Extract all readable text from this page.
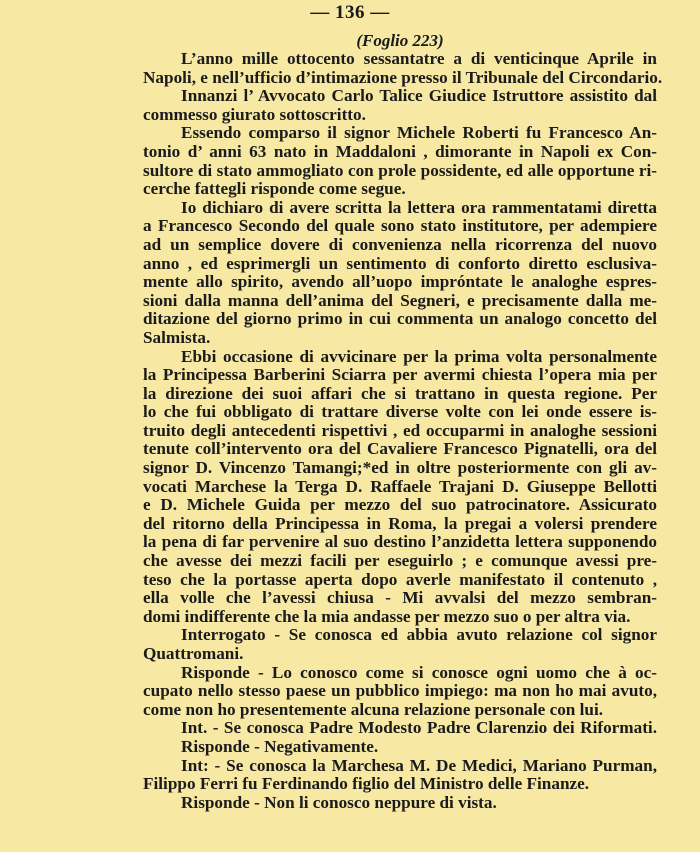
— 136 —
(Foglio 223)
L’anno mille ottocento sessantatre a di venticinque Aprile in
Napoli, e nell’ufficio d’intimazione presso il Tribunale del Circondario.
Innanzi l’ Avvocato Carlo Talice Giudice Istruttore assistito dal
commesso giurato sottoscritto.
Essendo comparso il signor Michele Roberti fu Francesco An-
tonio d’ anni 63 nato in Maddaloni , dimorante in Napoli ex Con-
sultore di stato ammogliato con prole possidente, ed alle opportune ri-
cerche fattegli risponde come segue.
Io dichiaro di avere scritta la lettera ora rammentatami diretta
a Francesco Secondo del quale sono stato institutore, per adempiere
ad un semplice dovere di convenienza nella ricorrenza del nuovo
anno , ed esprimergli un sentimento di conforto diretto esclusiva-
mente allo spirito, avendo all’uopo impróntate le analoghe espres-
sioni dalla manna dell’anima del Segneri, e precisamente dalla me-
ditazione del giorno primo in cui commenta un analogo concetto del
Salmista.
Ebbi occasione di avvicinare per la prima volta personalmente
la Principessa Barberini Sciarra per avermi chiesta l’opera mia per
la direzione dei suoi affari che si trattano in questa regione. Per
lo che fui obbligato di trattare diverse volte con lei onde essere is-
truito degli antecedenti rispettivi , ed occuparmi in analoghe sessioni
tenute coll’intervento ora del Cavaliere Francesco Pignatelli, ora del
signor D. Vincenzo Tamangi;*ed in oltre posteriormente con gli av-
vocati Marchese la Terga D. Raffaele Trajani D. Giuseppe Bellotti
e D. Michele Guida per mezzo del suo patrocinatore. Assicurato
del ritorno della Principessa in Roma, la pregai a volersi prendere
la pena di far pervenire al suo destino l’anzidetta lettera supponendo
che avesse dei mezzi facili per eseguirlo ; e comunque avessi pre-
teso che la portasse aperta dopo averle manifestato il contenuto ,
ella volle che l’avessi chiusa - Mi avvalsi del mezzo sembran-
domi indifferente che la mia andasse per mezzo suo o per altra via.
Interrogato - Se conosca ed abbia avuto relazione col signor
Quattromani.
Risponde - Lo conosco come si conosce ogni uomo che à oc-
cupato nello stesso paese un pubblico impiego: ma non ho mai avuto,
come non ho presentemente alcuna relazione personale con lui.
Int. - Se conosca Padre Modesto Padre Clarenzio dei Riformati.
Risponde - Negativamente.
Int: - Se conosca la Marchesa M. De Medici, Mariano Purman,
Filippo Ferri fu Ferdinando figlio del Ministro delle Finanze.
Risponde - Non li conosco neppure di vista.
